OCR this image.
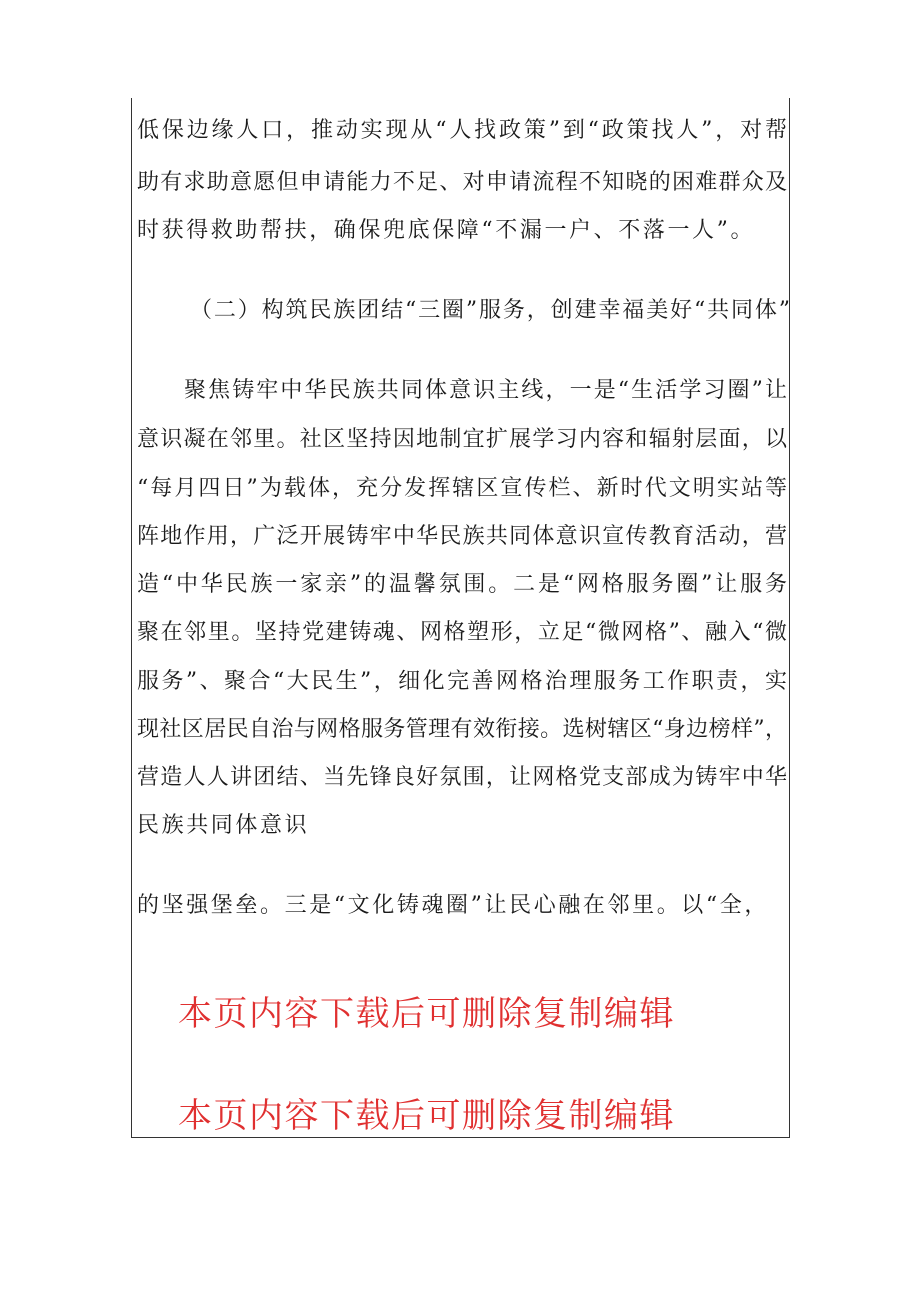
低保边缘人口，推动实现从“人找政策”到“政策找人”，对帮
助有求助意愿但申请能力不足、对申请流程不知晓的困难群众及
时获得救助帮扶，确保兜底保障“不漏一户、不落一人”。
（二）构筑民族团结“三圈”服务，创建幸福美好“共同体”
聚焦铸牢中华民族共同体意识主线，一是“生活学习圈”让
意识凝在邻里。社区坚持因地制宜扩展学习内容和辐射层面，以
“每月四日”为载体，充分发挥辖区宣传栏、新时代文明实站等
阵地作用，广泛开展铸牢中华民族共同体意识宣传教育活动，营
造“中华民族一家亲”的温馨氛围。二是“网格服务圈”让服务
聚在邻里。坚持党建铸魂、网格塑形，立足“微网格”、融入“微
服务”、聚合“大民生”，细化完善网格治理服务工作职责，实
现社区居民自治与网格服务管理有效衔接。选树辖区“身边榜样”，
营造人人讲团结、当先锋良好氛围，让网格党支部成为铸牢中华
民族共同体意识
的坚强堡垒。三是“文化铸魂圈”让民心融在邻里。以“全，
本页内容下载后可删除复制编辑
本页内容下载后可删除复制编辑
